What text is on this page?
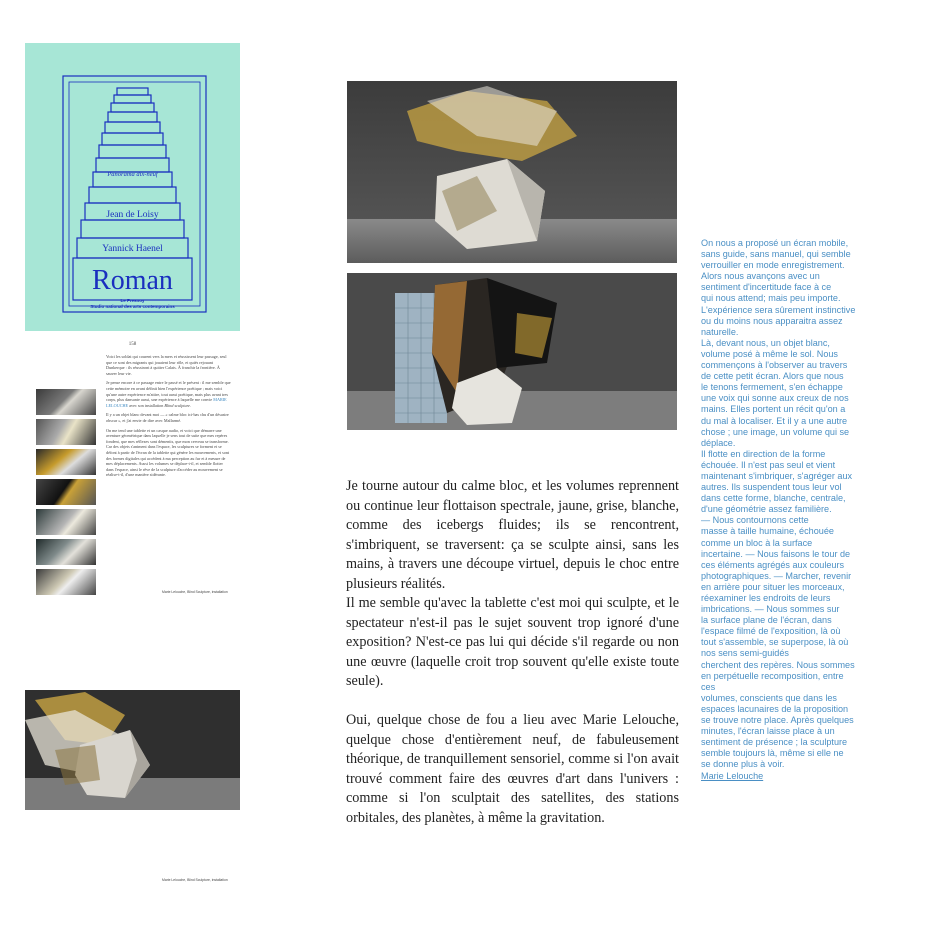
Panorama dix-neuf
Jean de Loisy
Yannick Haenel
Roman
Le Fresnoy
Studio national des arts contemporains
158

Voici les soldat qui courent vers la mers et réussissent leur passage, seul que ce sont des migrants qui jouaient leur rôle, et quiés rejouant Dunkerque : ils réussiront à quitter Calais. À franchir la frontière. À sauver leur vie.

Je pense encore à ce passage entre le passé et le présent : il me semble que cette mémoire en avant définit bien l'expérience poétique ; mais voici qu'une autre expérience m'attire, tout aussi poétique, mais plus avant tres corps, plus dansante aussi, une expérience à laquelle me convie MARIE LELOUCHE avec son installation Blind sculpture.

Il y a un objet blanc devant moi — « calme bloc ici-bas chu d'un désastre obscur », et j'ai envie de dire avec Mallarmé.

On me tend une tablette et un casque audio, et voici que démarre une aventure géométrique dans laquelle je sens tout de suite que mes repères fondent, que mes réflexes sont démentis, que mon cerveau se transforme. Car des objets s'animent dans l'espace, les sculptures se forment et se défont à partir de l'écran de la tablette qui génère les mouvements, et sont des formes digitales qui accèdent à ma perception au fur et à mesure de mes déplacements. Aussi les volumes se déplace-t-il, et semble flotter dans l'espace, ainsi le rêve de la sculpture d'accéder au mouvement se réalise-t-il, d'une manière sidérante.

Marie Lelouche, Blind Sculpture, installation
Marie Lelouche, Blind Sculpture, installation

Je tourne autour du calme bloc, et les volumes reprennent ou continue leur flottaison spectrale, jaune, grise, blanche, comme des icebergs fluides; ils se rencontrent, s'imbriquent, se traversent: ça se sculpte ainsi, sans les mains, à travers une découpe virtuel, depuis le choc entre plusieurs réalités.

Il me semble qu'avec la tablette c'est moi qui sculpte, et le spectateur n'est-il pas le sujet souvent trop ignoré d'une exposition? N'est-ce pas lui qui décide s'il regarde ou non une œuvre (laquelle croit trop souvent qu'elle existe toute seule).

Oui, quelque chose de fou a lieu avec Marie Lelouche, quelque chose d'entièrement neuf, de fabuleusement théorique, de tranquillement sensoriel, comme si l'on avait trouvé comment faire des œuvres d'art dans l'univers : comme si l'on sculptait des satellites, des stations orbitales, des planètes, à même la gravitation.

On nous a proposé un écran mobile,
sans guide, sans manuel, qui semble
verrouiller en mode enregistrement.
Alors nous avançons avec un
sentiment d'incertitude face à ce
qui nous attend; mais peu importe.
L'expérience sera sûrement instinctive
ou du moins nous apparaitra assez
naturelle.
Là, devant nous, un objet blanc,
volume posé à même le sol. Nous
commençons à l'observer au travers
de cette petit écran. Alors que nous
le tenons fermement, s'en échappe
une voix qui sonne aux creux de nos
mains. Elles portent un récit qu'on a
du mal à localiser. Et il y a une autre
chose ; une image, un volume qui se
déplace.
Il flotte en direction de la forme
échouée. Il n'est pas seul et vient
maintenant s'imbriquer, s'agréger aux
autres. Ils suspendent tous leur vol
dans cette forme, blanche, centrale,
d'une géométrie assez familière.
— Nous contournons cette
masse à taille humaine, échouée
comme un bloc à la surface
incertaine. — Nous faisons le tour de
ces éléments agrégés aux couleurs
photographiques. — Marcher, revenir
en arrière pour situer les morceaux,
réexaminer les endroits de leurs
imbrications. — Nous sommes sur
la surface plane de l'écran, dans
l'espace filmé de l'exposition, là où
tout s'assemble, se superpose, là où
nos sens semi-guidés
cherchent des repères. Nous sommes
en perpétuelle recomposition, entre
ces
volumes, conscients que dans les
espaces lacunaires de la proposition
se trouve notre place. Après quelques
minutes, l'écran laisse place à un
sentiment de présence ; la sculpture
semble toujours là, même si elle ne
se donne plus à voir.
Marie Lelouche
